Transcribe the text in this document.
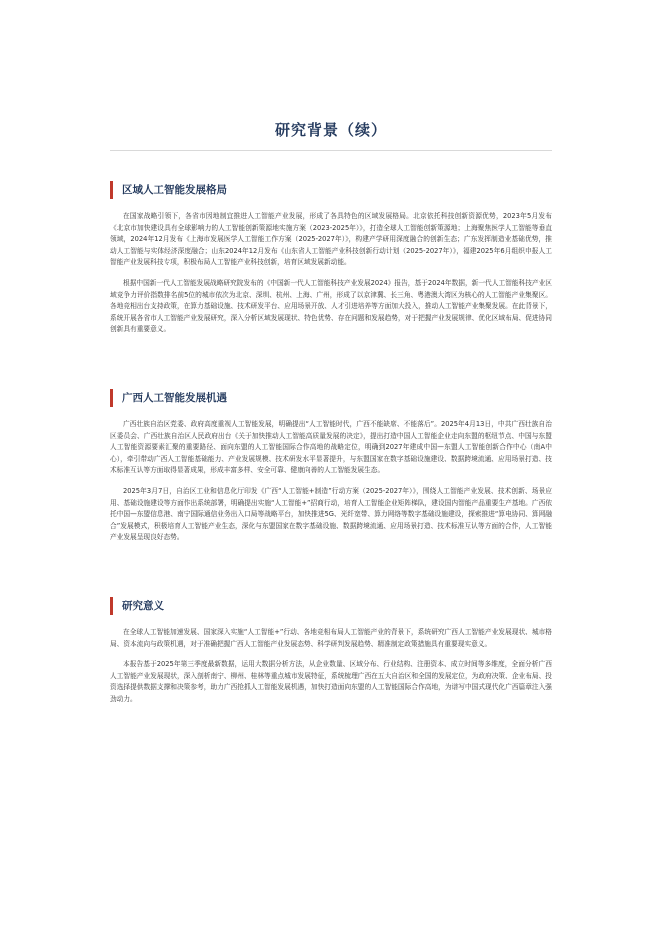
研究背景（续）
区域人工智能发展格局

在国家战略引领下，各省市因地制宜推进人工智能产业发展，形成了各具特色的区域发展格局。北京依托科技创新资源优势，2023年5月发布《北京市加快建设具有全球影响力的人工智能创新策源地实施方案（2023-2025年）》，打造全球人工智能创新策源地；上海聚焦医学人工智能等垂直领域，2024年12月发布《上海市发展医学人工智能工作方案（2025-2027年）》，构建产学研用深度融合的创新生态；广东发挥制造业基础优势，推动人工智能与实体经济深度融合；山东2024年12月发布《山东省人工智能产业科技创新行动计划（2025-2027年）》，福建2025年6月组织申报人工智能产业发展科技专项，积极布局人工智能产业科技创新，培育区域发展新动能。

根据中国新一代人工智能发展战略研究院发布的《中国新一代人工智能科技产业发展2024》报告，基于2024年数据，新一代人工智能科技产业区域竞争力评价指数排名前5位的城市依次为北京、深圳、杭州、上海、广州，形成了以京津冀、长三角、粤港澳大湾区为核心的人工智能产业集聚区。各地竞相出台支持政策，在算力基础设施、技术研发平台、应用场景开放、人才引进培养等方面加大投入，推动人工智能产业集聚发展。在此背景下，系统开展各省市人工智能产业发展研究，深入分析区域发展现状、特色优势、存在问题和发展趋势，对于把握产业发展规律、优化区域布局、促进协同创新具有重要意义。

广西人工智能发展机遇

广西壮族自治区党委、政府高度重视人工智能发展，明确提出“人工智能时代，广西不能缺席、不能落后”。2025年4月13日，中共广西壮族自治区委员会、广西壮族自治区人民政府出台《关于加快推动人工智能高质量发展的决定》，提出打造中国人工智能企业走向东盟的枢纽节点、中国与东盟人工智能资源要素汇聚的重要路径、面向东盟的人工智能国际合作高地的战略定位，明确到2027年建成中国—东盟人工智能创新合作中心（南A中心），牵引带动广西人工智能基础能力、产业发展规模、技术研发水平显著提升，与东盟国家在数字基础设施建设、数据跨境流通、应用场景打造、技术标准互认等方面取得显著成果，形成丰富多样、安全可靠、健康向善的人工智能发展生态。

2025年3月7日，自治区工业和信息化厅印发《广西“人工智能+制造”行动方案（2025-2027年）》，围绕人工智能产业发展、技术创新、场景应用、基础设施建设等方面作出系统部署，明确提出实施“人工智能+”招商行动，培育人工智能企业矩阵梯队，建设国内智能产品重要生产基地。广西依托中国—东盟信息港、南宁国际通信业务出入口局等战略平台，加快推进5G、光纤宽带、算力网络等数字基础设施建设，探索推进“算电协同、算网融合”发展模式，积极培育人工智能产业生态，深化与东盟国家在数字基础设施、数据跨境流通、应用场景打造、技术标准互认等方面的合作，人工智能产业发展呈现良好态势。

研究意义

在全球人工智能加速发展、国家深入实施“人工智能+”行动、各地竞相布局人工智能产业的背景下，系统研究广西人工智能产业发展现状、城市格局、资本流向与政策机遇，对于准确把握广西人工智能产业发展态势、科学研判发展趋势、精准制定政策措施具有重要现实意义。

本报告基于2025年第三季度最新数据，运用大数据分析方法，从企业数量、区域分布、行业结构、注册资本、成立时间等多维度，全面分析广西人工智能产业发展现状，深入剖析南宁、柳州、桂林等重点城市发展特征，系统梳理广西在五大自治区和全国的发展定位，为政府决策、企业布局、投资选择提供数据支撑和决策参考，助力广西抢抓人工智能发展机遇，加快打造面向东盟的人工智能国际合作高地，为谱写中国式现代化广西篇章注入强劲动力。
